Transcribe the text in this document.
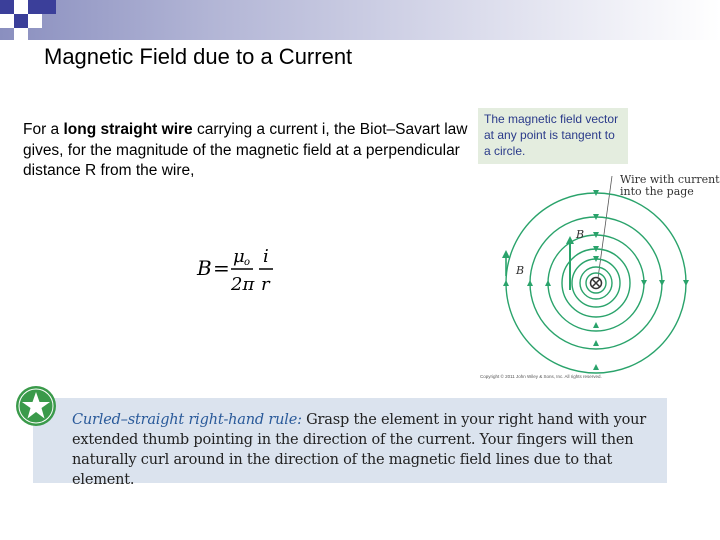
Magnetic Field due to a Current
For a long straight wire carrying a current i, the Biot–Savart law gives, for the magnitude of the magnetic field at a perpendicular distance R from the wire,
B = μ o
2π
i
r
The magnetic field vector at any point is tangent to a circle.
Wire with current
into the page
B
B
Copyright © 2011 John Wiley & Sons, Inc. All rights reserved.
Curled–straight right-hand rule: Grasp the element in your right hand with your extended thumb pointing in the direction of the current. Your fingers will then naturally curl around in the direction of the magnetic field lines due to that element.
